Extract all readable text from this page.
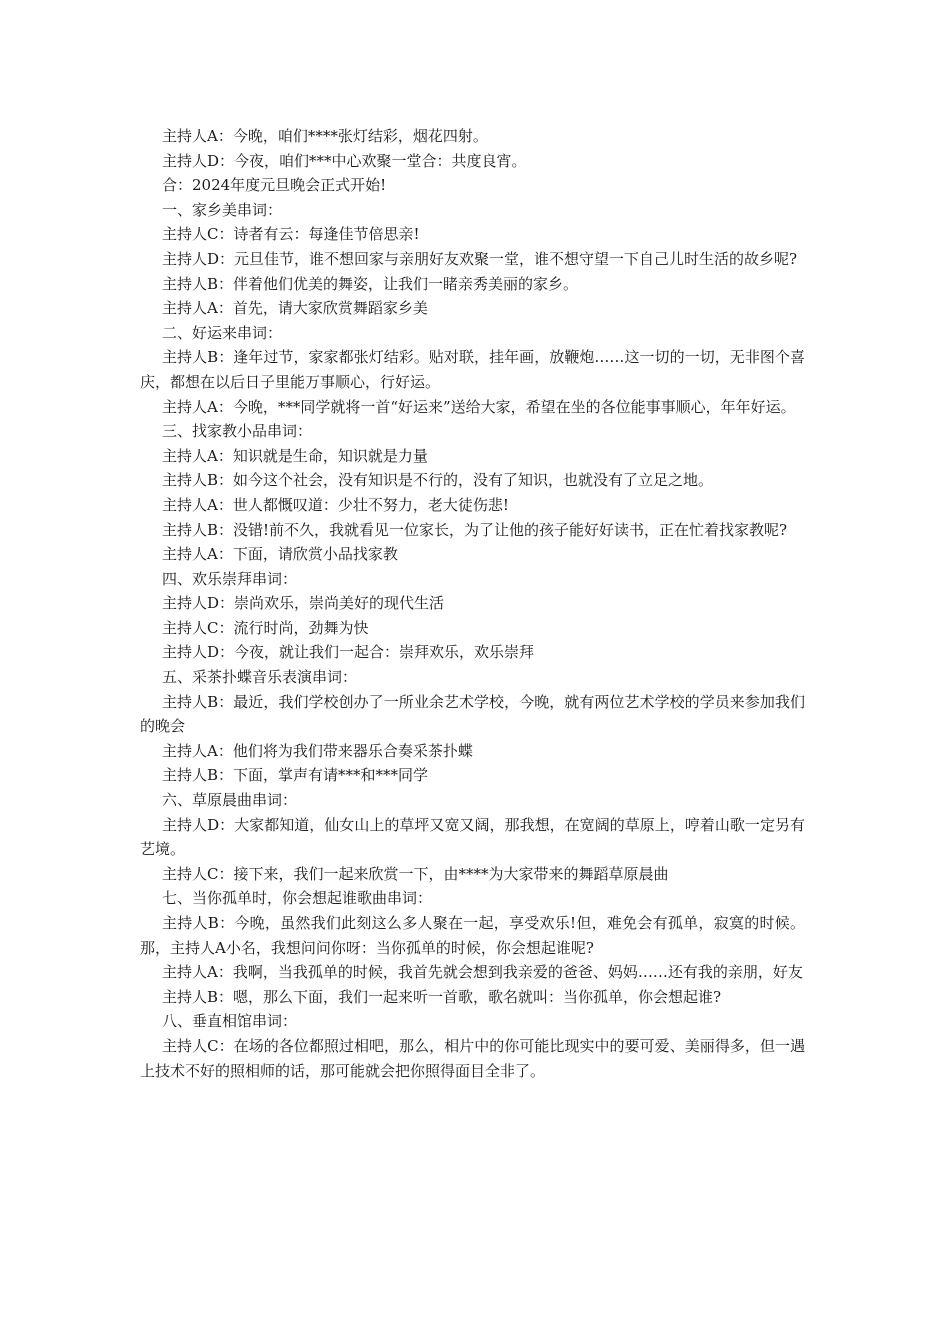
主持人A：今晚，咱们****张灯结彩，烟花四射。

主持人D：今夜，咱们***中心欢聚一堂合：共度良宵。

合：2024年度元旦晚会正式开始!

一、家乡美串词：

主持人C：诗者有云：每逢佳节倍思亲!

主持人D：元旦佳节，谁不想回家与亲朋好友欢聚一堂，谁不想守望一下自己儿时生活的故乡呢?

主持人B：伴着他们优美的舞姿，让我们一睹亲秀美丽的家乡。

主持人A：首先，请大家欣赏舞蹈家乡美

二、好运来串词：

主持人B：逢年过节，家家都张灯结彩。贴对联，挂年画，放鞭炮……这一切的一切，无非图个喜庆，都想在以后日子里能万事顺心，行好运。

主持人A：今晚，***同学就将一首“好运来”送给大家，希望在坐的各位能事事顺心，年年好运。

三、找家教小品串词：

主持人A：知识就是生命，知识就是力量

主持人B：如今这个社会，没有知识是不行的，没有了知识，也就没有了立足之地。

主持人A：世人都慨叹道：少壮不努力，老大徒伤悲!

主持人B：没错!前不久，我就看见一位家长，为了让他的孩子能好好读书，正在忙着找家教呢?

主持人A：下面，请欣赏小品找家教

四、欢乐崇拜串词：

主持人D：崇尚欢乐，崇尚美好的现代生活

主持人C：流行时尚，劲舞为快

主持人D：今夜，就让我们一起合：崇拜欢乐，欢乐崇拜

五、采茶扑蝶音乐表演串词：

主持人B：最近，我们学校创办了一所业余艺术学校，今晚，就有两位艺术学校的学员来参加我们的晚会

主持人A：他们将为我们带来器乐合奏采茶扑蝶

主持人B：下面，掌声有请***和***同学

六、草原晨曲串词：

主持人D：大家都知道，仙女山上的草坪又宽又阔，那我想，在宽阔的草原上，哼着山歌一定另有艺境。

主持人C：接下来，我们一起来欣赏一下，由****为大家带来的舞蹈草原晨曲

七、当你孤单时，你会想起谁歌曲串词：

主持人B：今晚，虽然我们此刻这么多人聚在一起，享受欢乐!但，难免会有孤单，寂寞的时候。那，主持人A小名，我想问问你呀：当你孤单的时候，你会想起谁呢?

主持人A：我啊，当我孤单的时候，我首先就会想到我亲爱的爸爸、妈妈……还有我的亲朋，好友

主持人B：嗯，那么下面，我们一起来听一首歌，歌名就叫：当你孤单，你会想起谁?

八、垂直相馆串词：

主持人C：在场的各位都照过相吧，那么，相片中的你可能比现实中的要可爱、美丽得多，但一遇上技术不好的照相师的话，那可能就会把你照得面目全非了。
